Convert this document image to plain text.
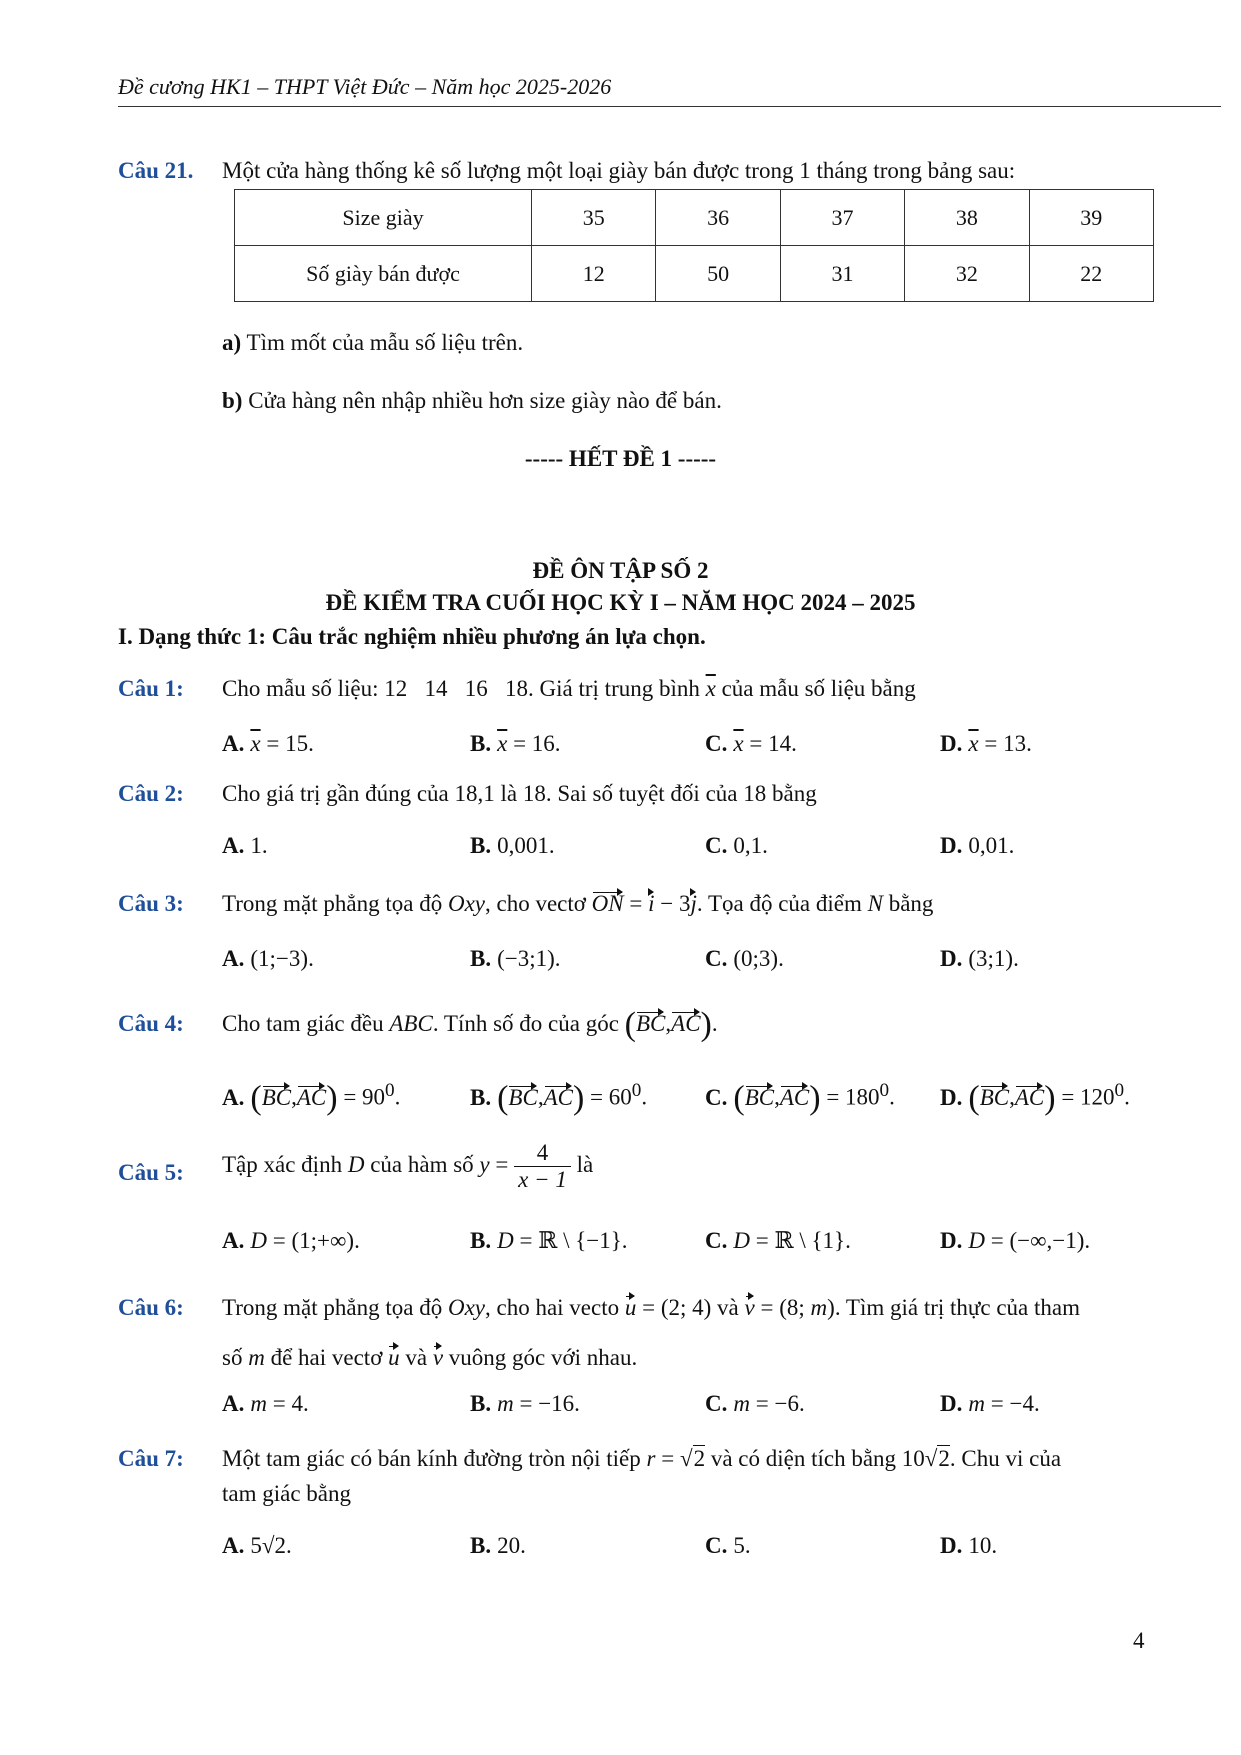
Đề cương HK1 – THPT Việt Đức – Năm học 2025-2026
Câu 21. Một cửa hàng thống kê số lượng một loại giày bán được trong 1 tháng trong bảng sau:
Size giày	35	36	37	38	39
Số giày bán được	12	50	31	32	22
a) Tìm mốt của mẫu số liệu trên.
b) Cửa hàng nên nhập nhiều hơn size giày nào để bán.
----- HẾT ĐỀ 1 -----
ĐỀ ÔN TẬP SỐ 2
ĐỀ KIỂM TRA CUỐI HỌC KỲ I – NĂM HỌC 2024 – 2025
I. Dạng thức 1: Câu trắc nghiệm nhiều phương án lựa chọn.
Câu 1: Cho mẫu số liệu: 12   14   16   18. Giá trị trung bình $\overline{x}$ của mẫu số liệu bằng
A. $\overline{x} = 15$.	B. $\overline{x} = 16$.	C. $\overline{x} = 14$.	D. $\overline{x} = 13$.
Câu 2: Cho giá trị gần đúng của 18,1 là 18. Sai số tuyệt đối của 18 bằng
A. 1.	B. 0,001.	C. 0,1.	D. 0,01.
Câu 3: Trong mặt phẳng tọa độ Oxy, cho vectơ ON = i − 3j. Tọa độ của điểm N bằng
A. (1;−3).	B. (−3;1).	C. (0;3).	D. (3;1).
Câu 4: Cho tam giác đều ABC. Tính số đo của góc (BC,AC).
A. $(BC,AC) = 90^0$.	B. $(BC,AC) = 60^0$.	C. $(BC,AC) = 180^0$. D. $(BC,AC) = 120^0$.
Câu 5: Tập xác định D của hàm số $y = \frac{4}{x - 1}$ là
A. D = (1;+∞).	B. D = ℝ \ {−1}.	C. D = ℝ \ {1}.	D. D = (−∞,−1).
Câu 6: Trong mặt phẳng tọa độ Oxy, cho hai vecto u = (2; 4) và v = (8; m). Tìm giá trị thực của tham
số m để hai vectơ u và v vuông góc với nhau.
A. m = 4.	B. m = −16.	C. m = −6.	D. m = −4.
Câu 7: Một tam giác có bán kính đường tròn nội tiếp r = √2 và có diện tích bằng 10√2. Chu vi của
tam giác bằng
A. 5√2.	B. 20.	C. 5.	D. 10.
4
